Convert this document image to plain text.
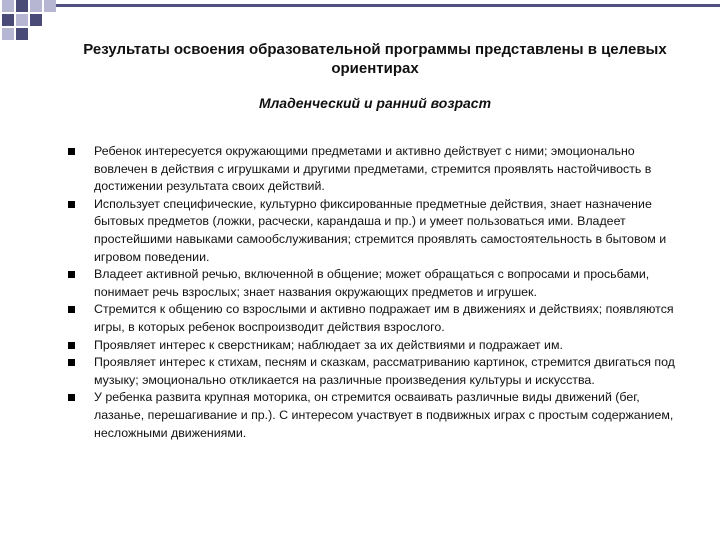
Результаты освоения образовательной программы представлены в целевых ориентирах
Младенческий и ранний возраст
Ребенок интересуется окружающими предметами и активно действует с ними; эмоционально вовлечен в действия с игрушками и другими предметами, стремится проявлять настойчивость в достижении результата своих действий.
Использует специфические, культурно фиксированные предметные действия, знает назначение бытовых предметов (ложки, расчески, карандаша и пр.) и умеет пользоваться ими. Владеет простейшими навыками самообслуживания; стремится проявлять самостоятельность в бытовом и игровом поведении.
Владеет активной речью, включенной в общение; может обращаться с вопросами и просьбами, понимает речь взрослых; знает названия окружающих предметов и игрушек.
Стремится к общению со взрослыми и активно подражает им в движениях и действиях; появляются игры, в которых ребенок воспроизводит действия взрослого.
Проявляет интерес к сверстникам; наблюдает за их действиями и подражает им.
Проявляет интерес к стихам, песням и сказкам, рассматриванию картинок, стремится двигаться под музыку; эмоционально откликается на различные произведения культуры и искусства.
У ребенка развита крупная моторика, он стремится осваивать различные виды движений (бег, лазанье, перешагивание и пр.). С интересом участвует в подвижных играх с простым содержанием, несложными движениями.
